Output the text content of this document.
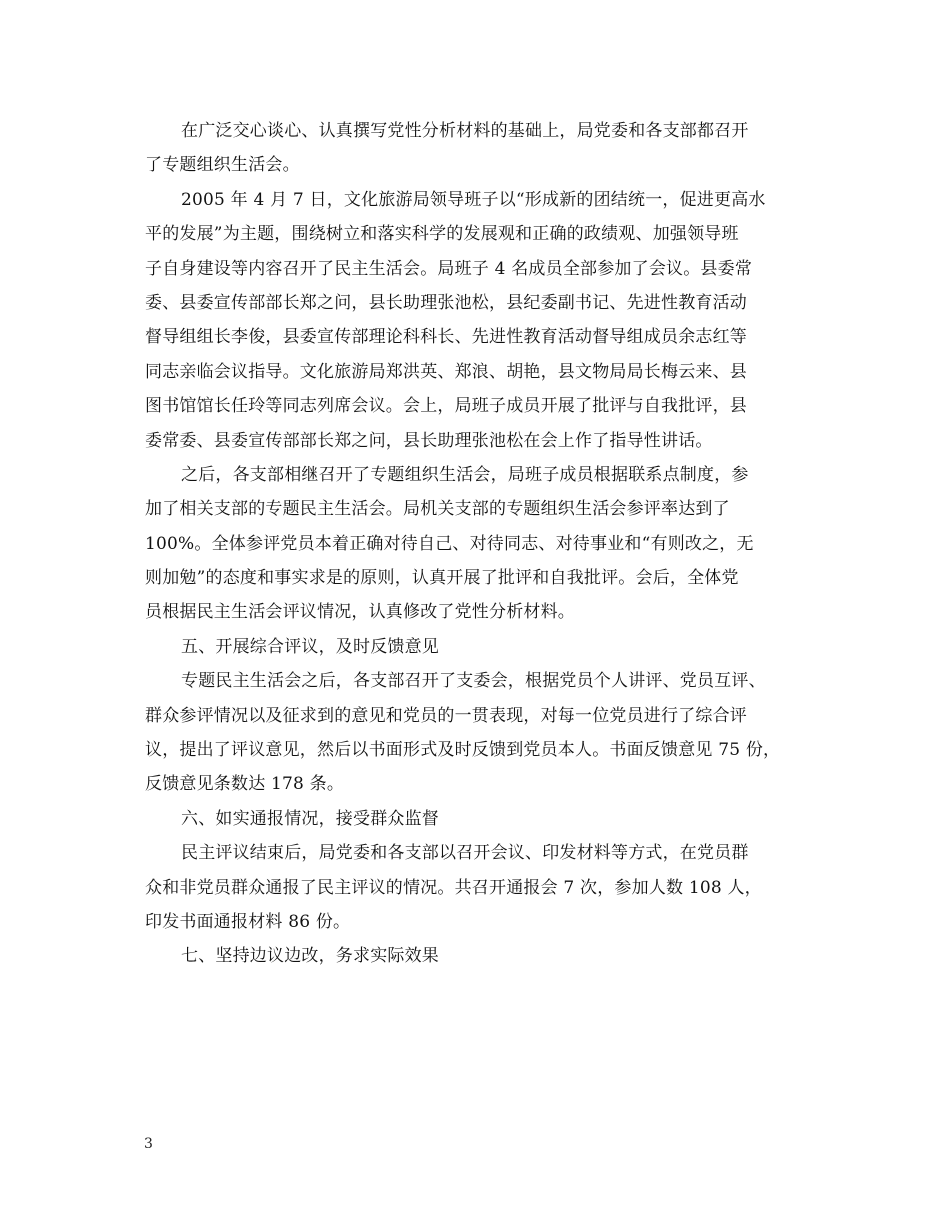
在广泛交心谈心、认真撰写党性分析材料的基础上，局党委和各支部都召开
了专题组织生活会。
2005 年 4 月 7 日，文化旅游局领导班子以“形成新的团结统一，促进更高水
平的发展”为主题，围绕树立和落实科学的发展观和正确的政绩观、加强领导班
子自身建设等内容召开了民主生活会。局班子 4 名成员全部参加了会议。县委常
委、县委宣传部部长郑之问，县长助理张池松，县纪委副书记、先进性教育活动
督导组组长李俊，县委宣传部理论科科长、先进性教育活动督导组成员余志红等
同志亲临会议指导。文化旅游局郑洪英、郑浪、胡艳，县文物局局长梅云来、县
图书馆馆长任玲等同志列席会议。会上，局班子成员开展了批评与自我批评，县
委常委、县委宣传部部长郑之问，县长助理张池松在会上作了指导性讲话。
之后，各支部相继召开了专题组织生活会，局班子成员根据联系点制度，参
加了相关支部的专题民主生活会。局机关支部的专题组织生活会参评率达到了
100%。全体参评党员本着正确对待自己、对待同志、对待事业和“有则改之，无
则加勉”的态度和事实求是的原则，认真开展了批评和自我批评。会后，全体党
员根据民主生活会评议情况，认真修改了党性分析材料。
五、开展综合评议，及时反馈意见
专题民主生活会之后，各支部召开了支委会，根据党员个人讲评、党员互评、
群众参评情况以及征求到的意见和党员的一贯表现，对每一位党员进行了综合评
议，提出了评议意见，然后以书面形式及时反馈到党员本人。书面反馈意见 75 份，
反馈意见条数达 178 条。
六、如实通报情况，接受群众监督
民主评议结束后，局党委和各支部以召开会议、印发材料等方式，在党员群
众和非党员群众通报了民主评议的情况。共召开通报会 7 次，参加人数 108 人，
印发书面通报材料 86 份。
七、坚持边议边改，务求实际效果
3
